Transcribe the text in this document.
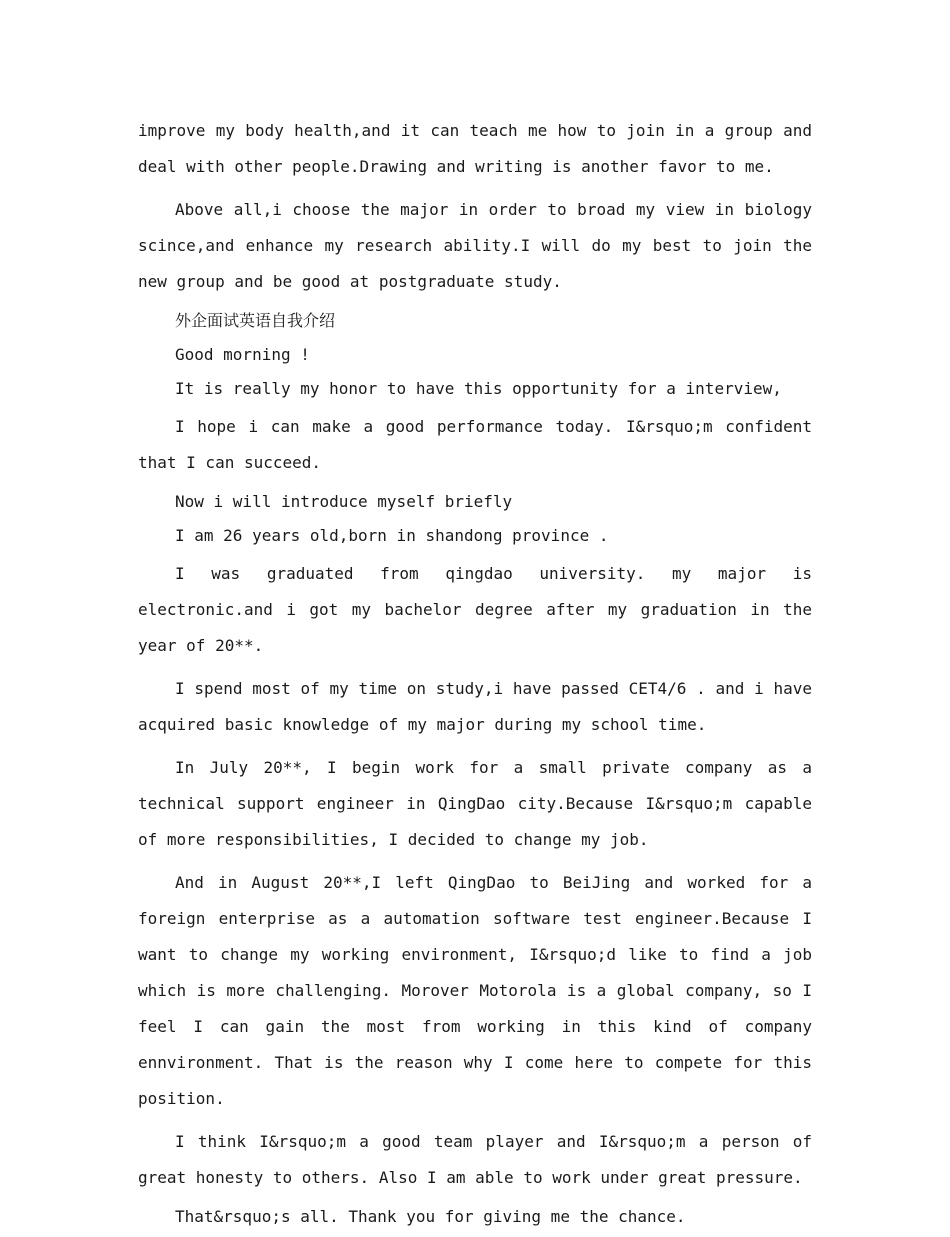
improve my body health,and it can teach me how to join in a group and deal with other people.Drawing and writing is another favor to me.

Above all,i choose the major in order to broad my view in biology scince,and enhance my research ability.I will do my best to join the new group and be good at postgraduate study.

外企面试英语自我介绍

Good morning !

It is really my honor to have this opportunity for a interview,

I hope i can make a good performance today. I&rsquo;m confident that I can succeed.

Now i will introduce myself briefly

I am 26 years old,born in shandong province .

I was graduated from qingdao university. my major is electronic.and i got my bachelor degree after my graduation in the year of 20**.

I spend most of my time on study,i have passed CET4/6 . and i have acquired basic knowledge of my major during my school time.

In July 20**, I begin work for a small private company as a technical support engineer in QingDao city.Because I&rsquo;m capable of more responsibilities, I decided to change my job.

And in August 20**,I left QingDao to BeiJing and worked for a foreign enterprise as a automation software test engineer.Because I want to change my working environment, I&rsquo;d like to find a job which is more challenging. Morover Motorola is a global company, so I feel I can gain the most from working in this kind of company ennvironment. That is the reason why I come here to compete for this position.

I think I&rsquo;m a good team player and I&rsquo;m a person of great honesty to others. Also I am able to work under great pressure.

That&rsquo;s all. Thank you for giving me the chance.
